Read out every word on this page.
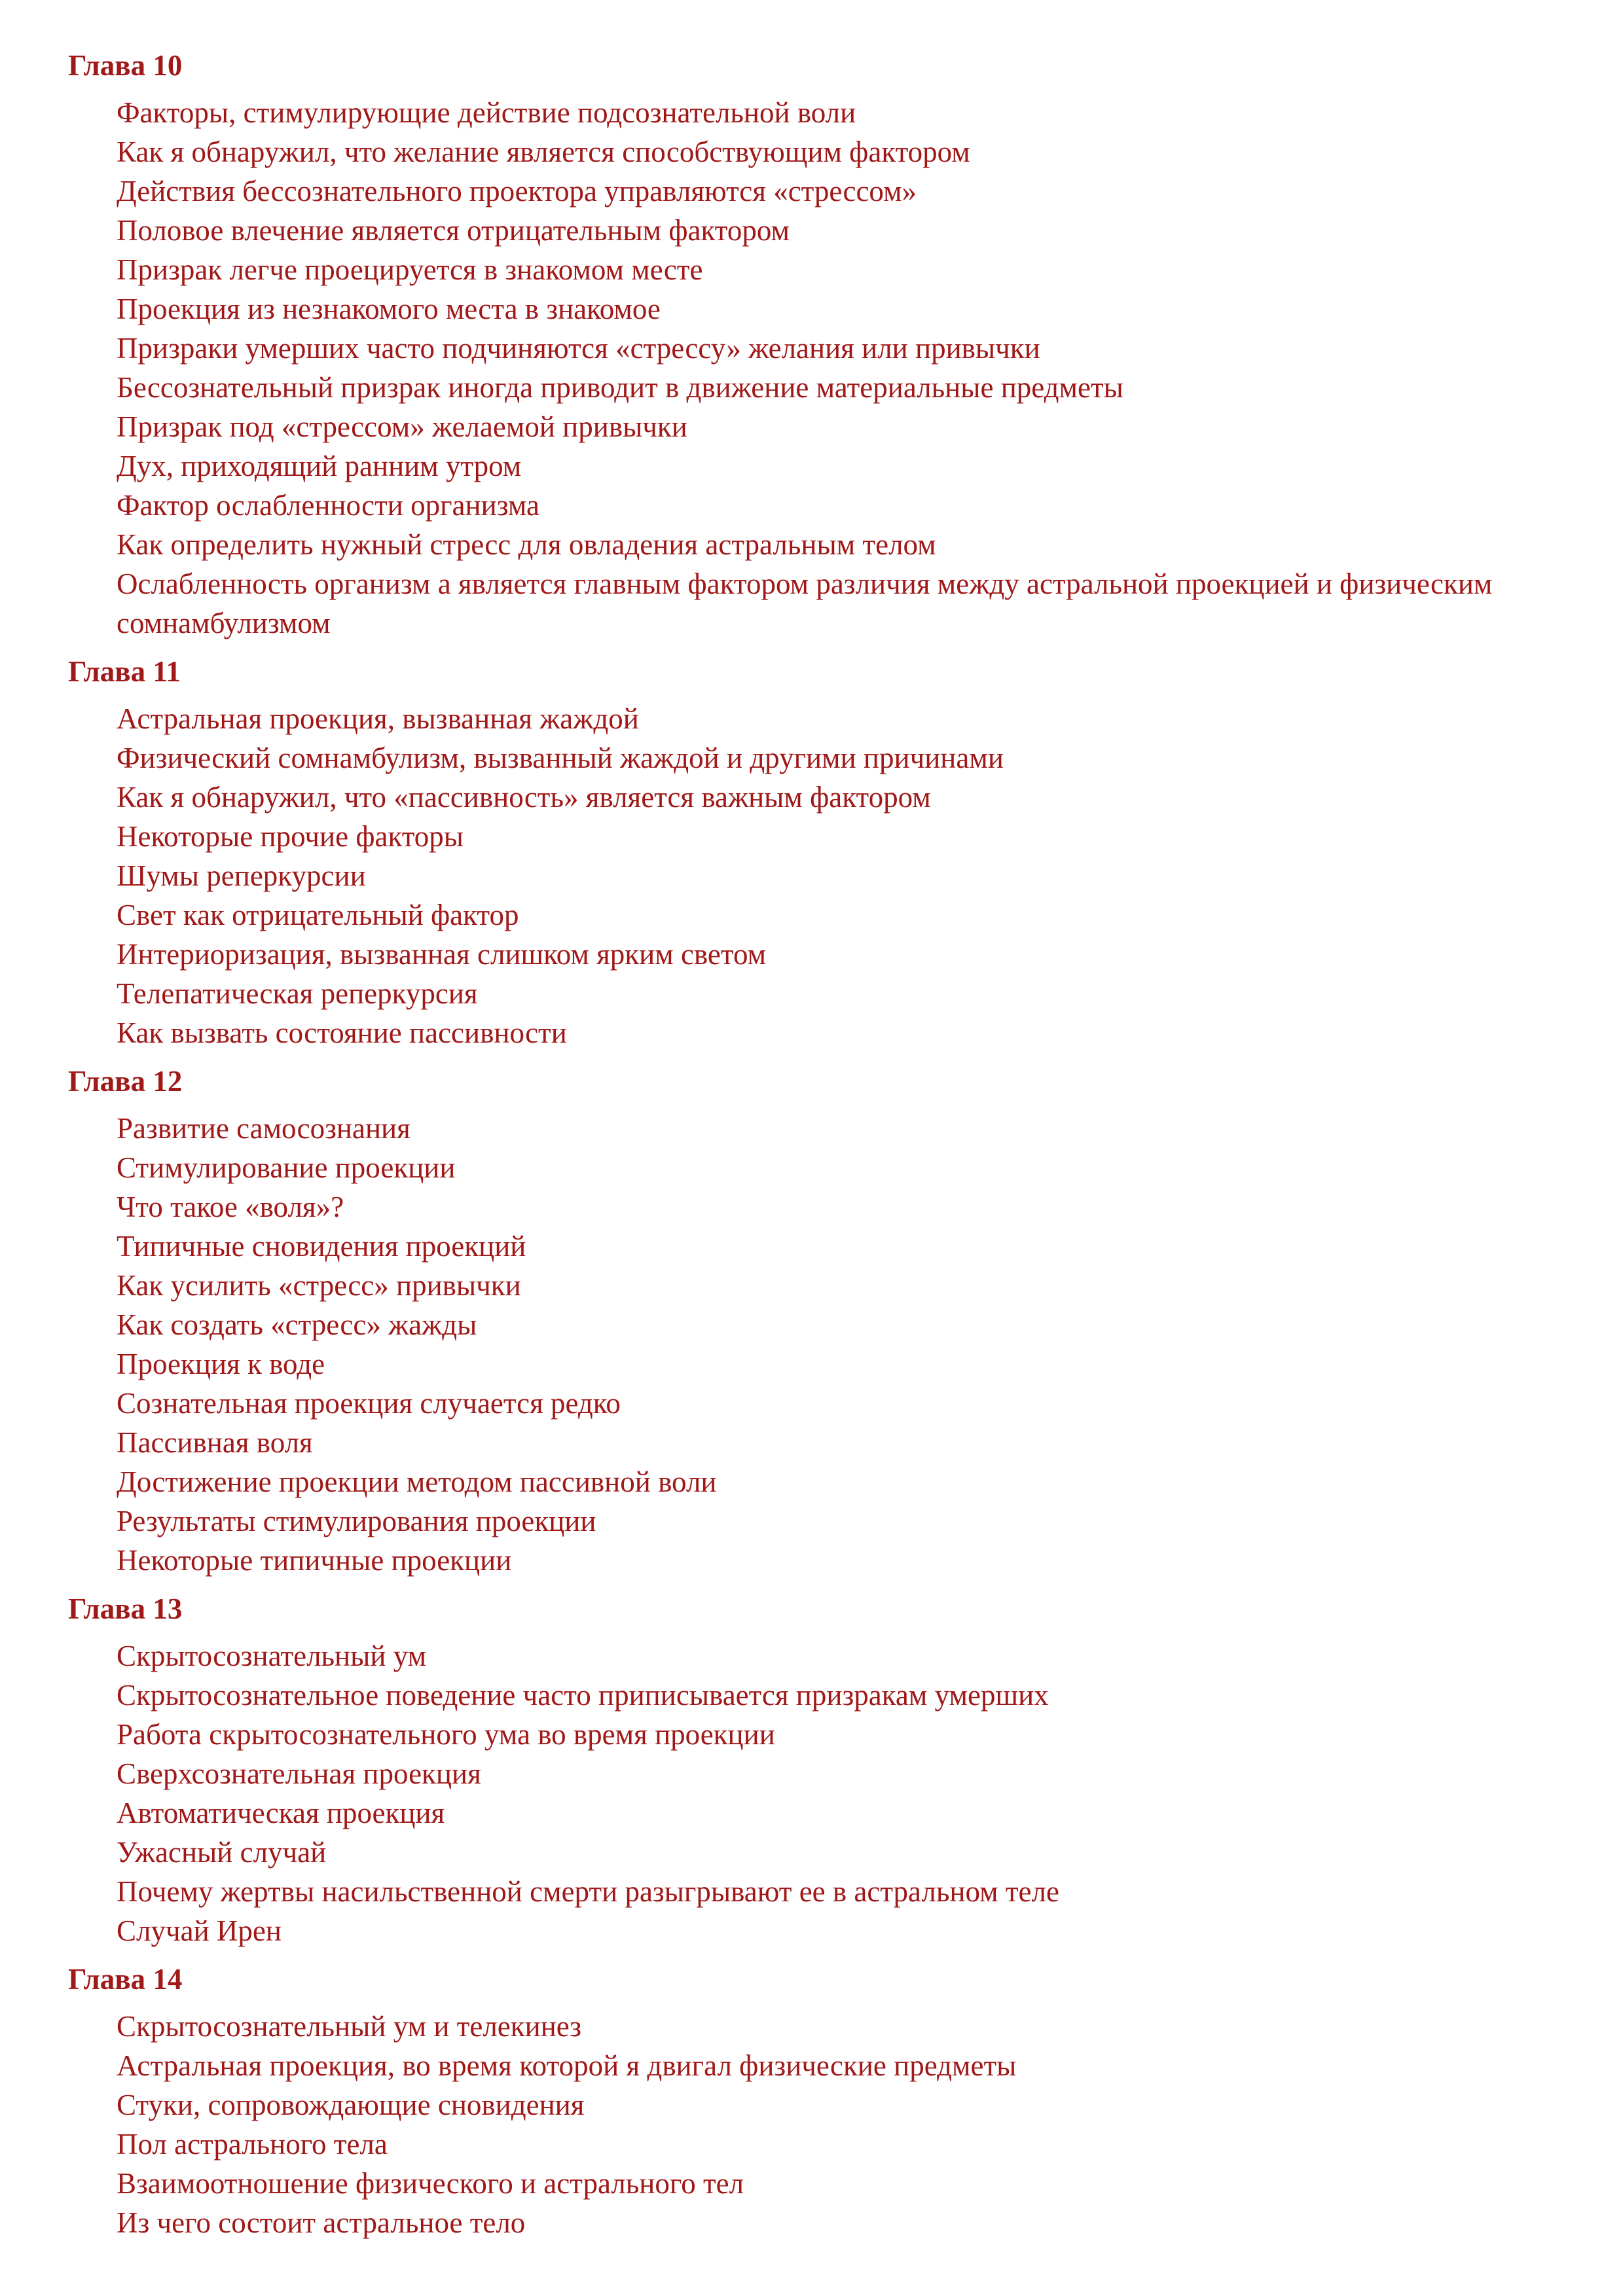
Глава 10
Факторы, стимулирующие действие подсознательной воли
Как я обнаружил, что желание является способствующим фактором
Действия бессознательного проектора управляются «стрессом»
Половое влечение является отрицательным фактором
Призрак легче проецируется в знакомом месте
Проекция из незнакомого места в знакомое
Призраки умерших часто подчиняются «стрессу» желания или привычки
Бессознательный призрак иногда приводит в движение материальные предметы
Призрак под «стрессом» желаемой привычки
Дух, приходящий ранним утром
Фактор ослабленности организма
Как определить нужный стресс для овладения астральным телом
Ослабленность организм а является главным фактором различия между астральной проекцией и физическим сомнамбулизмом
Глава 11
Астральная проекция, вызванная жаждой
Физический сомнамбулизм, вызванный жаждой и другими причинами
Как я обнаружил, что «пассивность» является важным фактором
Некоторые прочие факторы
Шумы реперкурсии
Свет как отрицательный фактор
Интериоризация, вызванная слишком ярким светом
Телепатическая реперкурсия
Как вызвать состояние пассивности
Глава 12
Развитие самосознания
Стимулирование проекции
Что такое «воля»?
Типичные сновидения проекций
Как усилить «стресс» привычки
Как создать «стресс» жажды
Проекция к воде
Сознательная проекция случается редко
Пассивная воля
Достижение проекции методом пассивной воли
Результаты стимулирования проекции
Некоторые типичные проекции
Глава 13
Скрытосознательный ум
Скрытосознательное поведение часто приписывается призракам умерших
Работа скрытосознательного ума во время проекции
Сверхсознательная проекция
Автоматическая проекция
Ужасный случай
Почему жертвы насильственной смерти разыгрывают ее в астральном теле
Случай Ирен
Глава 14
Скрытосознательный ум и телекинез
Астральная проекция, во время которой я двигал физические предметы
Стуки, сопровождающие сновидения
Пол астрального тела
Взаимоотношение физического и астрального тел
Из чего состоит астральное тело
